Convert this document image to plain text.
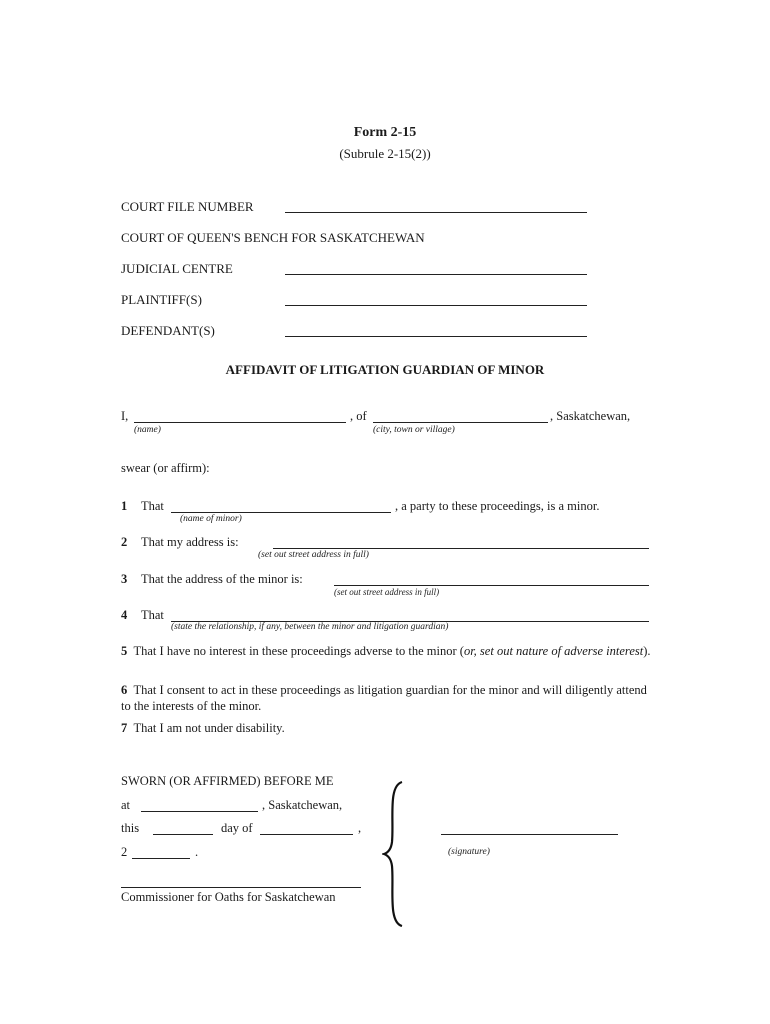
Form 2-15
(Subrule 2-15(2))
COURT FILE NUMBER
COURT OF QUEEN'S BENCH FOR SASKATCHEWAN
JUDICIAL CENTRE
PLAINTIFF(S)
DEFENDANT(S)
AFFIDAVIT OF LITIGATION GUARDIAN OF MINOR
I,	, of	, Saskatchewan,
(name)	(city, town or village)
swear (or affirm):
1 That	, a party to these proceedings, is a minor.
(name of minor)
2 That my address is:
(set out street address in full)
3 That the address of the minor is:
(set out street address in full)
4 That
(state the relationship, if any, between the minor and litigation guardian)
5 That I have no interest in these proceedings adverse to the minor (or, set out nature of adverse interest).
6 That I consent to act in these proceedings as litigation guardian for the minor and will diligently attend to the interests of the minor.
7 That I am not under disability.
SWORN (OR AFFIRMED) BEFORE ME
at	, Saskatchewan,
this	day of	,
2	.
Commissioner for Oaths for Saskatchewan
(signature)
